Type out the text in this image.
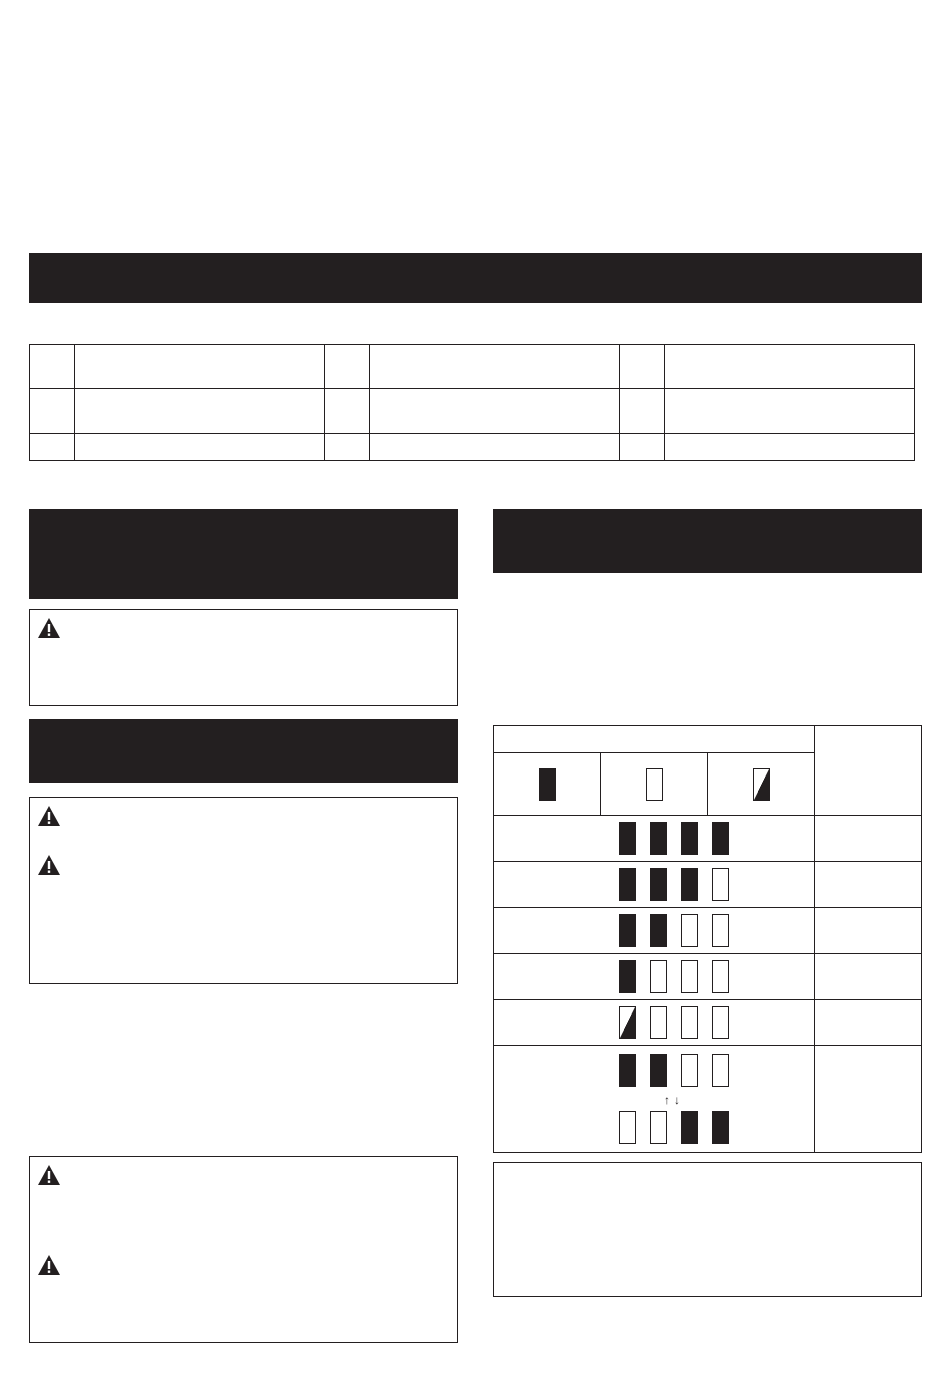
↑↓			
